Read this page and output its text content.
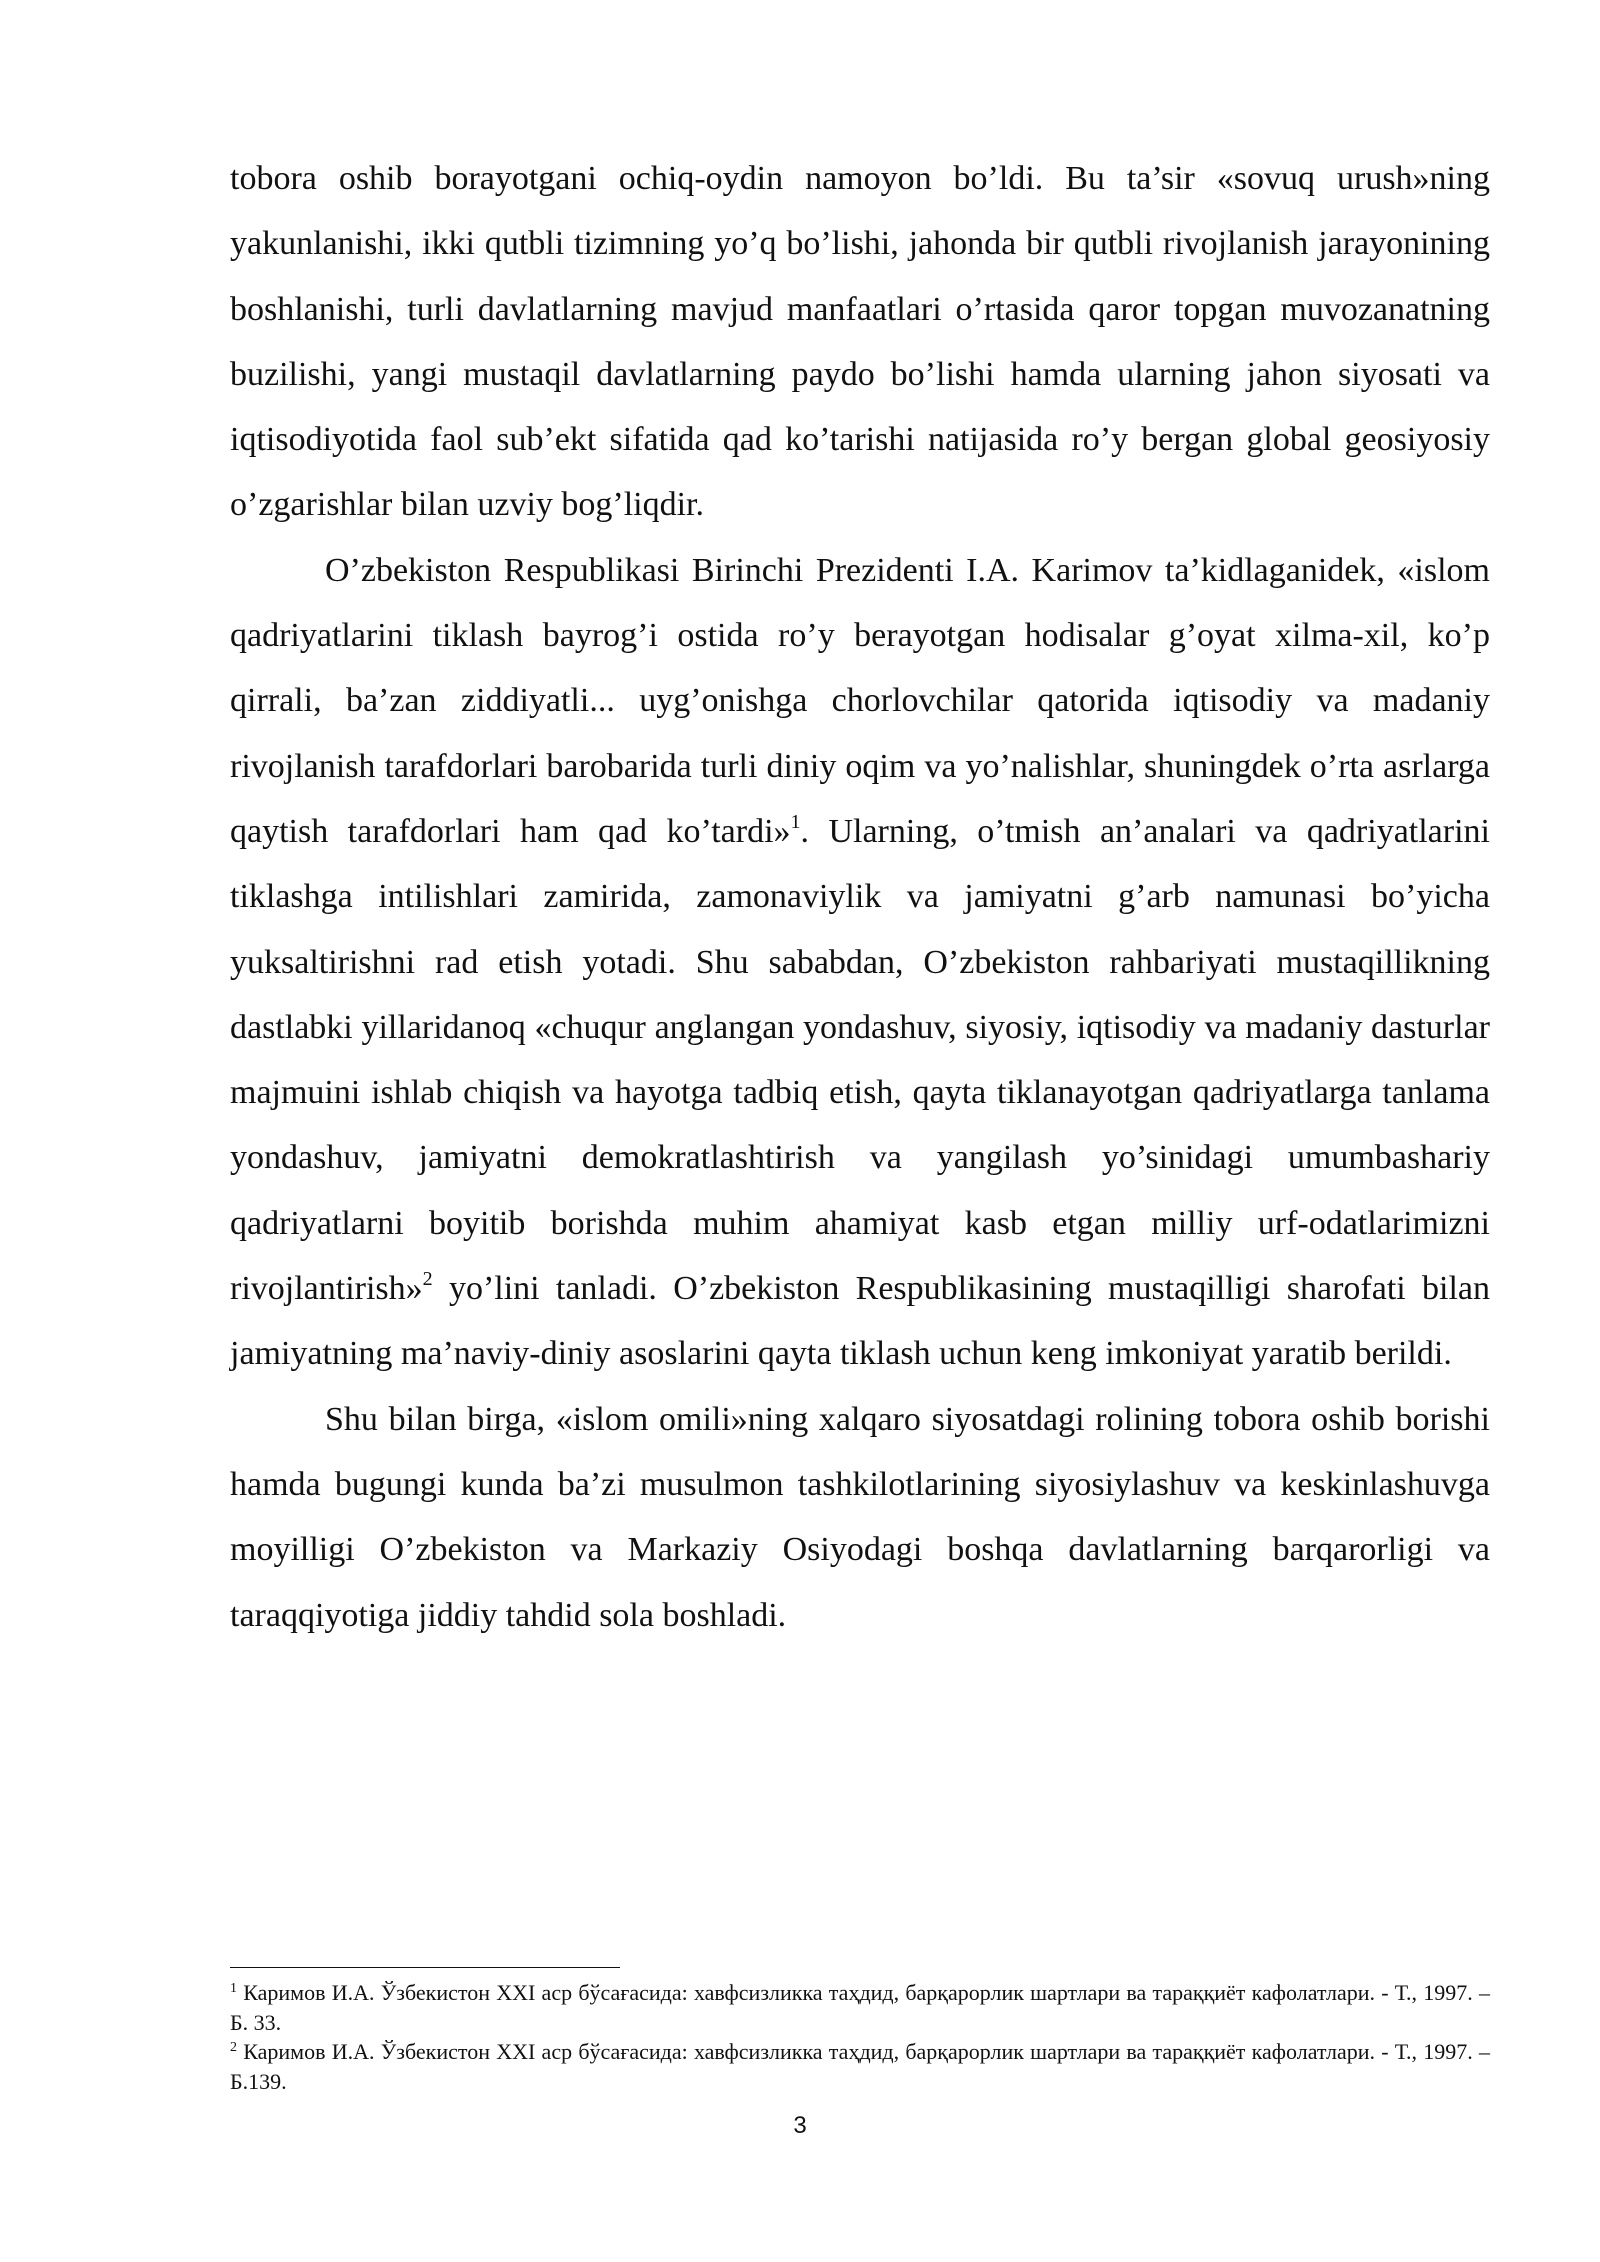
tobora oshib borayotgani ochiq-oydin namoyon bo’ldi. Bu ta’sir «sovuq urush»ning yakunlanishi, ikki qutbli tizimning yo’q bo’lishi, jahonda bir qutbli rivojlanish jarayonining boshlanishi, turli davlatlarning mavjud manfaatlari o’rtasida qaror topgan muvozanatning buzilishi, yangi mustaqil davlatlarning paydo bo’lishi hamda ularning jahon siyosati va iqtisodiyotida faol sub’ekt sifatida qad ko’tarishi natijasida ro’y bergan global geosiyosiy o’zgarishlar bilan uzviy bog’liqdir.

O’zbekiston Respublikasi Birinchi Prezidenti I.A. Karimov ta’kidlaganidek, «islom qadriyatlarini tiklash bayrog’i ostida ro’y berayotgan hodisalar g’oyat xilma-xil, ko’p qirrali, ba’zan ziddiyatli... uyg’onishga chorlovchilar qatorida iqtisodiy va madaniy rivojlanish tarafdorlari barobarida turli diniy oqim va yo’nalishlar, shuningdek o’rta asrlarga qaytish tarafdorlari ham qad ko’tardi»$^1$. Ularning, o’tmish an’analari va qadriyatlarini tiklashga intilishlari zamirida, zamonaviylik va jamiyatni g’arb namunasi bo’yicha yuksaltirishni rad etish yotadi. Shu sababdan, O’zbekiston rahbariyati mustaqillikning dastlabki yillaridanoq «chuqur anglangan yondashuv, siyosiy, iqtisodiy va madaniy dasturlar majmuini ishlab chiqish va hayotga tadbiq etish, qayta tiklanayotgan qadriyatlarga tanlama yondashuv, jamiyatni demokratlashtirish va yangilash yo’sinidagi umumbashariy qadriyatlarni boyitib borishda muhim ahamiyat kasb etgan milliy urf-odatlarimizni rivojlantirish»$^2$ yo’lini tanladi. O’zbekiston Respublikasining mustaqilligi sharofati bilan jamiyatning ma’naviy-diniy asoslarini qayta tiklash uchun keng imkoniyat yaratib berildi.

Shu bilan birga, «islom omili»ning xalqaro siyosatdagi rolining tobora oshib borishi hamda bugungi kunda ba’zi musulmon tashkilotlarining siyosiylashuv va keskinlashuvga moyilligi O’zbekiston va Markaziy Osiyodagi boshqa davlatlarning barqarorligi va taraqqiyotiga jiddiy tahdid sola boshladi.

$^1$ Каримов И.А. Ўзбекистон XXI аср бўсағасида: хавфсизликка таҳдид, барқарорлик шартлари ва тараққиёт кафолатлари. - Т., 1997. – Б. 33.

$^2$ Каримов И.А. Ўзбекистон XXI аср бўсағасида: хавфсизликка таҳдид, барқарорлик шартлари ва тараққиёт кафолатлари. - Т., 1997. – Б.139.

3
